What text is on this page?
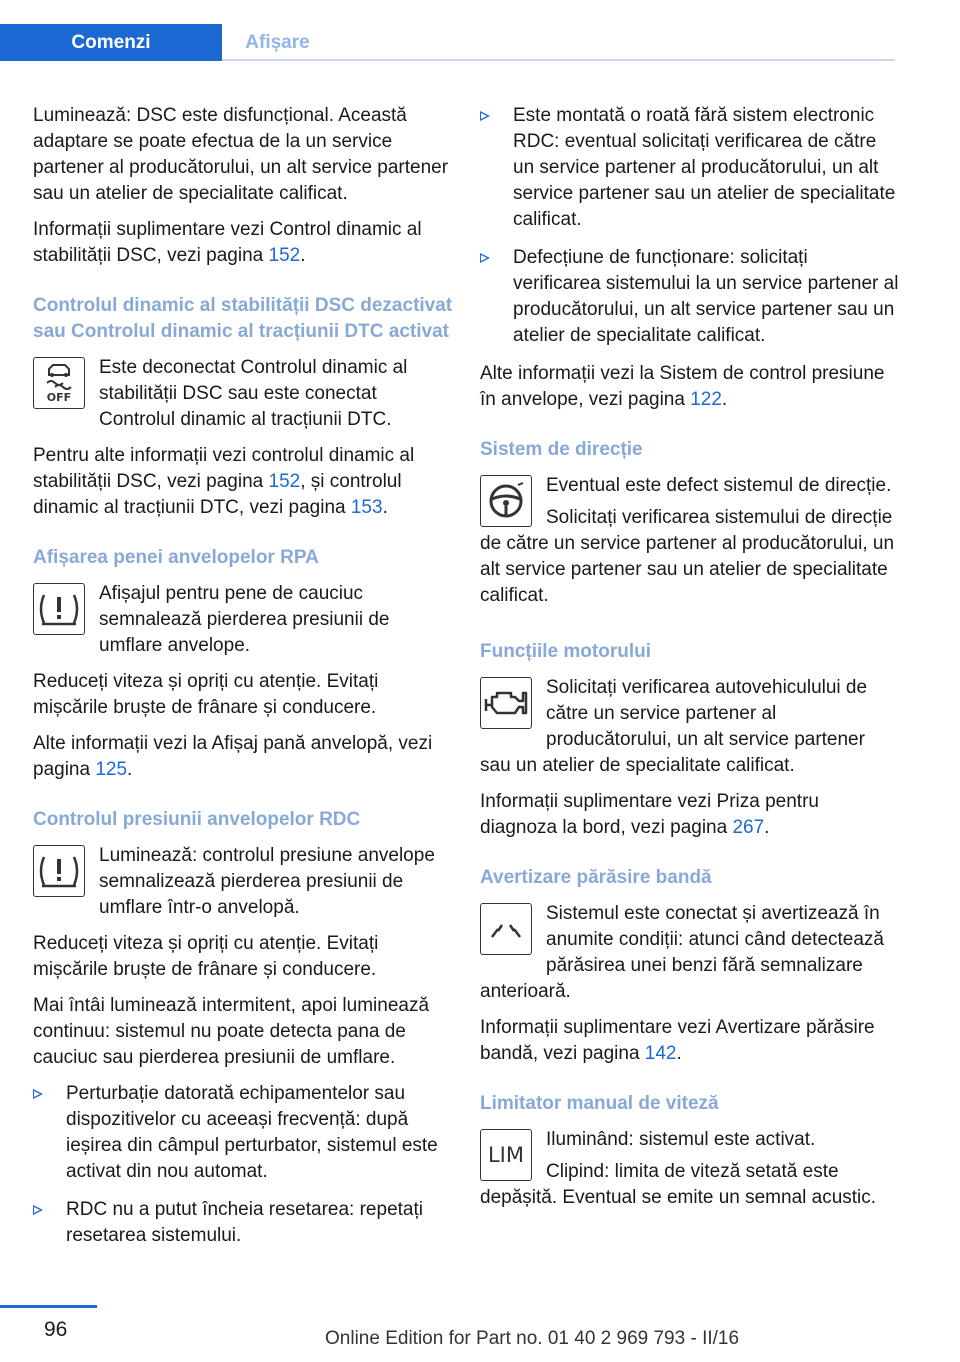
Comenzi	Afișare

Luminează: DSC este disfuncțional. Această adaptare se poate efectua de la un service partener al producătorului, un alt service partener sau un atelier de specialitate calificat.

Informații suplimentare vezi Control dinamic al stabilității DSC, vezi pagina 152.

Controlul dinamic al stabilității DSC dezactivat sau Controlul dinamic al tracțiunii DTC activat
OFF

Este deconectat Controlul dinamic al stabilității DSC sau este conectat Controlul dinamic al tracțiunii DTC.

Pentru alte informații vezi controlul dinamic al stabilității DSC, vezi pagina 152, și controlul dinamic al tracțiunii DTC, vezi pagina 153.

Afișarea penei anvelopelor RPA

Afișajul pentru pene de cauciuc semnalează pierderea presiunii de umflare anvelope.

Reduceți viteza și opriți cu atenție. Evitați mișcările bruște de frânare și conducere.

Alte informații vezi la Afișaj pană anvelopă, vezi pagina 125.

Controlul presiunii anvelopelor RDC

Luminează: controlul presiune anvelope semnalizează pierderea presiunii de umflare într-o anvelopă.

Reduceți viteza și opriți cu atenție. Evitați mișcările bruște de frânare și conducere.

Mai întâi luminează intermitent, apoi luminează continuu: sistemul nu poate detecta pana de cauciuc sau pierderea presiunii de umflare.

Perturbație datorată echipamentelor sau dispozitivelor cu aceeași frecvență: după ieșirea din câmpul perturbator, sistemul este activat din nou automat.
RDC nu a putut încheia resetarea: repetați resetarea sistemului.
Este montată o roată fără sistem electronic RDC: eventual solicitați verificarea de către un service partener al producătorului, un alt service partener sau un atelier de specialitate calificat.
Defecțiune de funcționare: solicitați verificarea sistemului la un service partener al producătorului, un alt service partener sau un atelier de specialitate calificat.

Alte informații vezi la Sistem de control presiune în anvelope, vezi pagina 122.

Sistem de direcție

Eventual este defect sistemul de direcție.

Solicitați verificarea sistemului de direcție de către un service partener al producătorului, un alt service partener sau un atelier de specialitate calificat.

Funcțiile motorului

Solicitați verificarea autovehiculului de către un service partener al producătorului, un alt service partener sau un atelier de specialitate calificat.

Informații suplimentare vezi Priza pentru diagnoza la bord, vezi pagina 267.

Avertizare părăsire bandă

Sistemul este conectat și avertizează în anumite condiții: atunci când detectează părăsirea unei benzi fără semnalizare anterioară.

Informații suplimentare vezi Avertizare părăsire bandă, vezi pagina 142.

Limitator manual de viteză
LIM

Iluminând: sistemul este activat.

Clipind: limita de viteză setată este depășită. Eventual se emite un semnal acustic.

96	Online Edition for Part no. 01 40 2 969 793 - II/16
